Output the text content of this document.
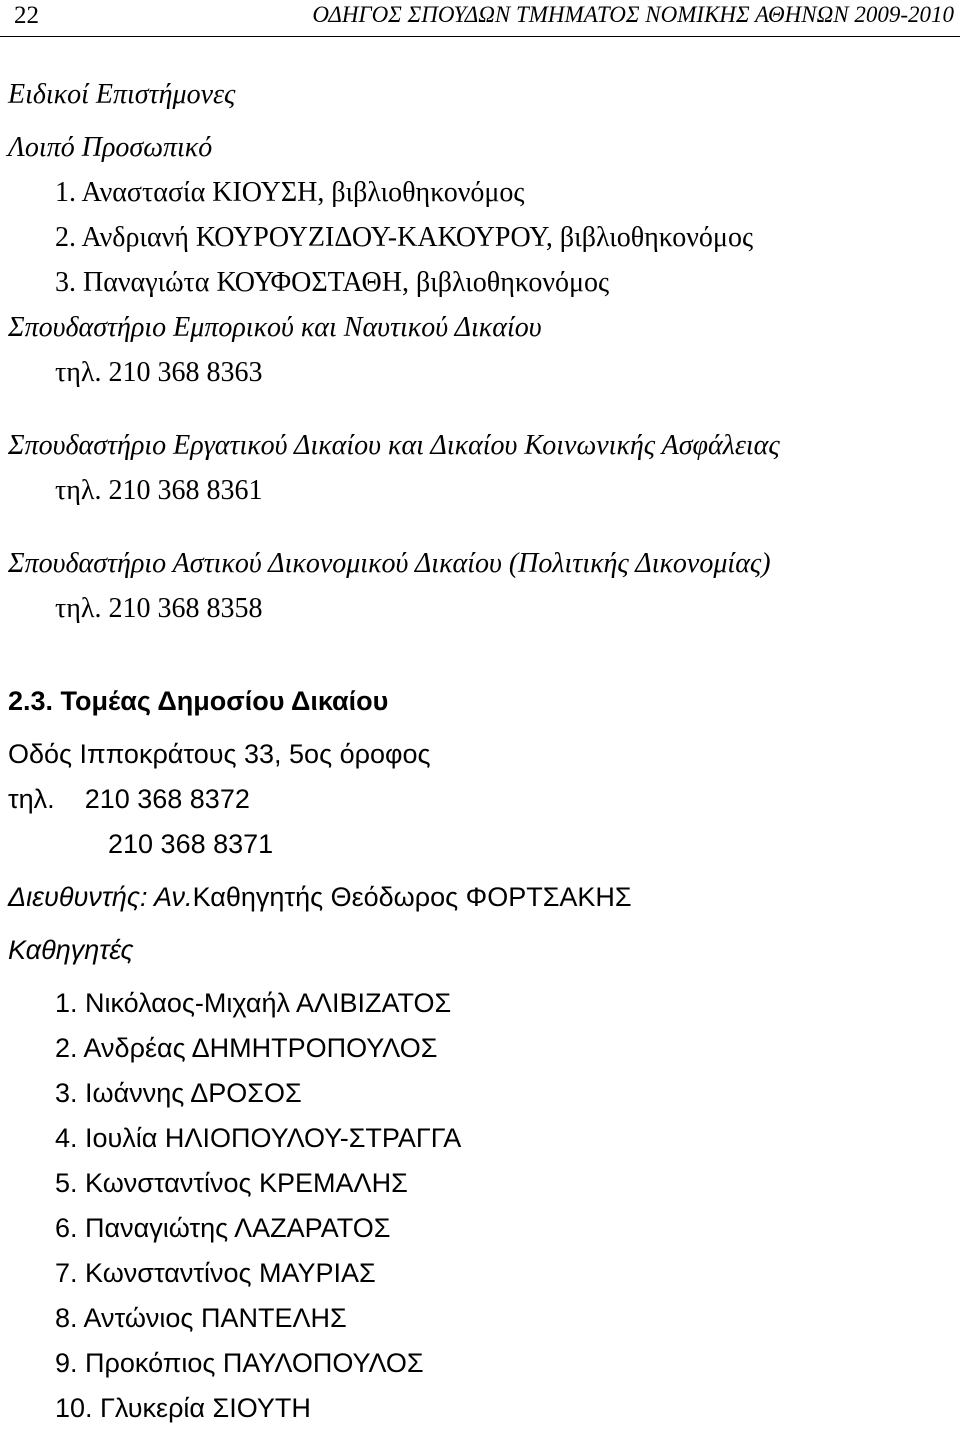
22	ΟΔΗΓΟΣ ΣΠΟΥΔΩΝ ΤΜΗΜΑΤΟΣ ΝΟΜΙΚΗΣ ΑΘΗΝΩΝ 2009-2010
Ειδικοί Επιστήμονες
Λοιπό Προσωπικό
1. Αναστασία ΚΙΟΥΣΗ, βιβλιοθηκονόμος
2. Ανδριανή ΚΟΥΡΟΥΖΙΔΟΥ-ΚΑΚΟΥΡΟΥ, βιβλιοθηκονόμος
3. Παναγιώτα ΚΟΥΦΟΣΤΑΘΗ, βιβλιοθηκονόμος
Σπουδαστήριο Εμπορικού και Ναυτικού Δικαίου
τηλ. 210 368 8363
Σπουδαστήριο Εργατικού Δικαίου και Δικαίου Κοινωνικής Ασφάλειας
τηλ. 210 368 8361
Σπουδαστήριο Αστικού Δικονομικού Δικαίου (Πολιτικής Δικονομίας)
τηλ. 210 368 8358
2.3. Τομέας Δημοσίου Δικαίου
Οδός Ιπποκράτους 33, 5ος όροφος
τηλ. 210 368 8372
210 368 8371
Διευθυντής: Αν.Καθηγητής Θεόδωρος ΦΟΡΤΣΑΚΗΣ
Καθηγητές
1. Νικόλαος-Μιχαήλ ΑΛΙΒΙΖΑΤΟΣ
2. Ανδρέας ΔΗΜΗΤΡΟΠΟΥΛΟΣ
3. Ιωάννης ΔΡΟΣΟΣ
4. Ιουλία ΗΛΙΟΠΟΥΛΟΥ-ΣΤΡΑΓΓΑ
5. Κωνσταντίνος ΚΡΕΜΑΛΗΣ
6. Παναγιώτης ΛΑΖΑΡΑΤΟΣ
7. Κωνσταντίνος ΜΑΥΡΙΑΣ
8. Αντώνιος ΠΑΝΤΕΛΗΣ
9. Προκόπιος ΠΑΥΛΟΠΟΥΛΟΣ
10. Γλυκερία ΣΙΟΥΤΗ
